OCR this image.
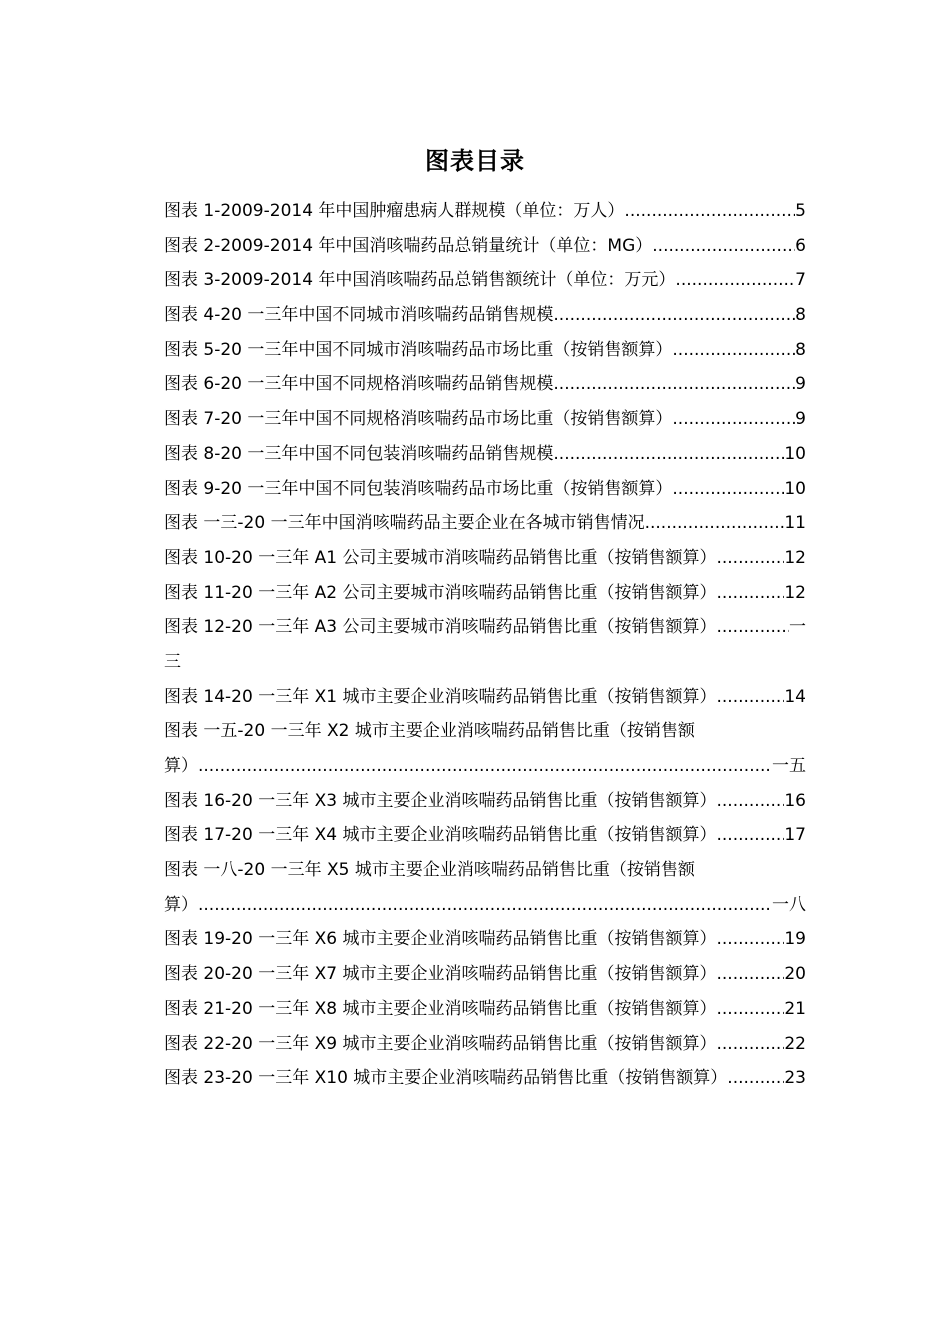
图表目录
图表 1-2009-2014 年中国肿瘤患病人群规模（单位：万人） .....	5
图表 2-2009-2014 年中国消咳喘药品总销量统计（单位：MG） .....	6
图表 3-2009-2014 年中国消咳喘药品总销售额统计（单位：万元） .....	7
图表 4-20 一三年中国不同城市消咳喘药品销售规模 .....	8
图表 5-20 一三年中国不同城市消咳喘药品市场比重（按销售额算） .....	8
图表 6-20 一三年中国不同规格消咳喘药品销售规模 .....	9
图表 7-20 一三年中国不同规格消咳喘药品市场比重（按销售额算） .....	9
图表 8-20 一三年中国不同包装消咳喘药品销售规模 .....	10
图表 9-20 一三年中国不同包装消咳喘药品市场比重（按销售额算） .....	10
图表 一三-20 一三年中国消咳喘药品主要企业在各城市销售情况 .....	11
图表 10-20 一三年 A1 公司主要城市消咳喘药品销售比重（按销售额算） .....	12
图表 11-20 一三年 A2 公司主要城市消咳喘药品销售比重（按销售额算） .....	12
图表 12-20 一三年 A3 公司主要城市消咳喘药品销售比重（按销售额算） .....	一
三
图表 14-20 一三年 X1 城市主要企业消咳喘药品销售比重（按销售额算） .....	14
图表 一五-20 一三年 X2 城市主要企业消咳喘药品销售比重（按销售额
算） .....	一五
图表 16-20 一三年 X3 城市主要企业消咳喘药品销售比重（按销售额算） .....	16
图表 17-20 一三年 X4 城市主要企业消咳喘药品销售比重（按销售额算） .....	17
图表 一八-20 一三年 X5 城市主要企业消咳喘药品销售比重（按销售额
算） .....	一八
图表 19-20 一三年 X6 城市主要企业消咳喘药品销售比重（按销售额算） .....	19
图表 20-20 一三年 X7 城市主要企业消咳喘药品销售比重（按销售额算） .....	20
图表 21-20 一三年 X8 城市主要企业消咳喘药品销售比重（按销售额算） .....	21
图表 22-20 一三年 X9 城市主要企业消咳喘药品销售比重（按销售额算） .....	22
图表 23-20 一三年 X10 城市主要企业消咳喘药品销售比重（按销售额算） .....	23
